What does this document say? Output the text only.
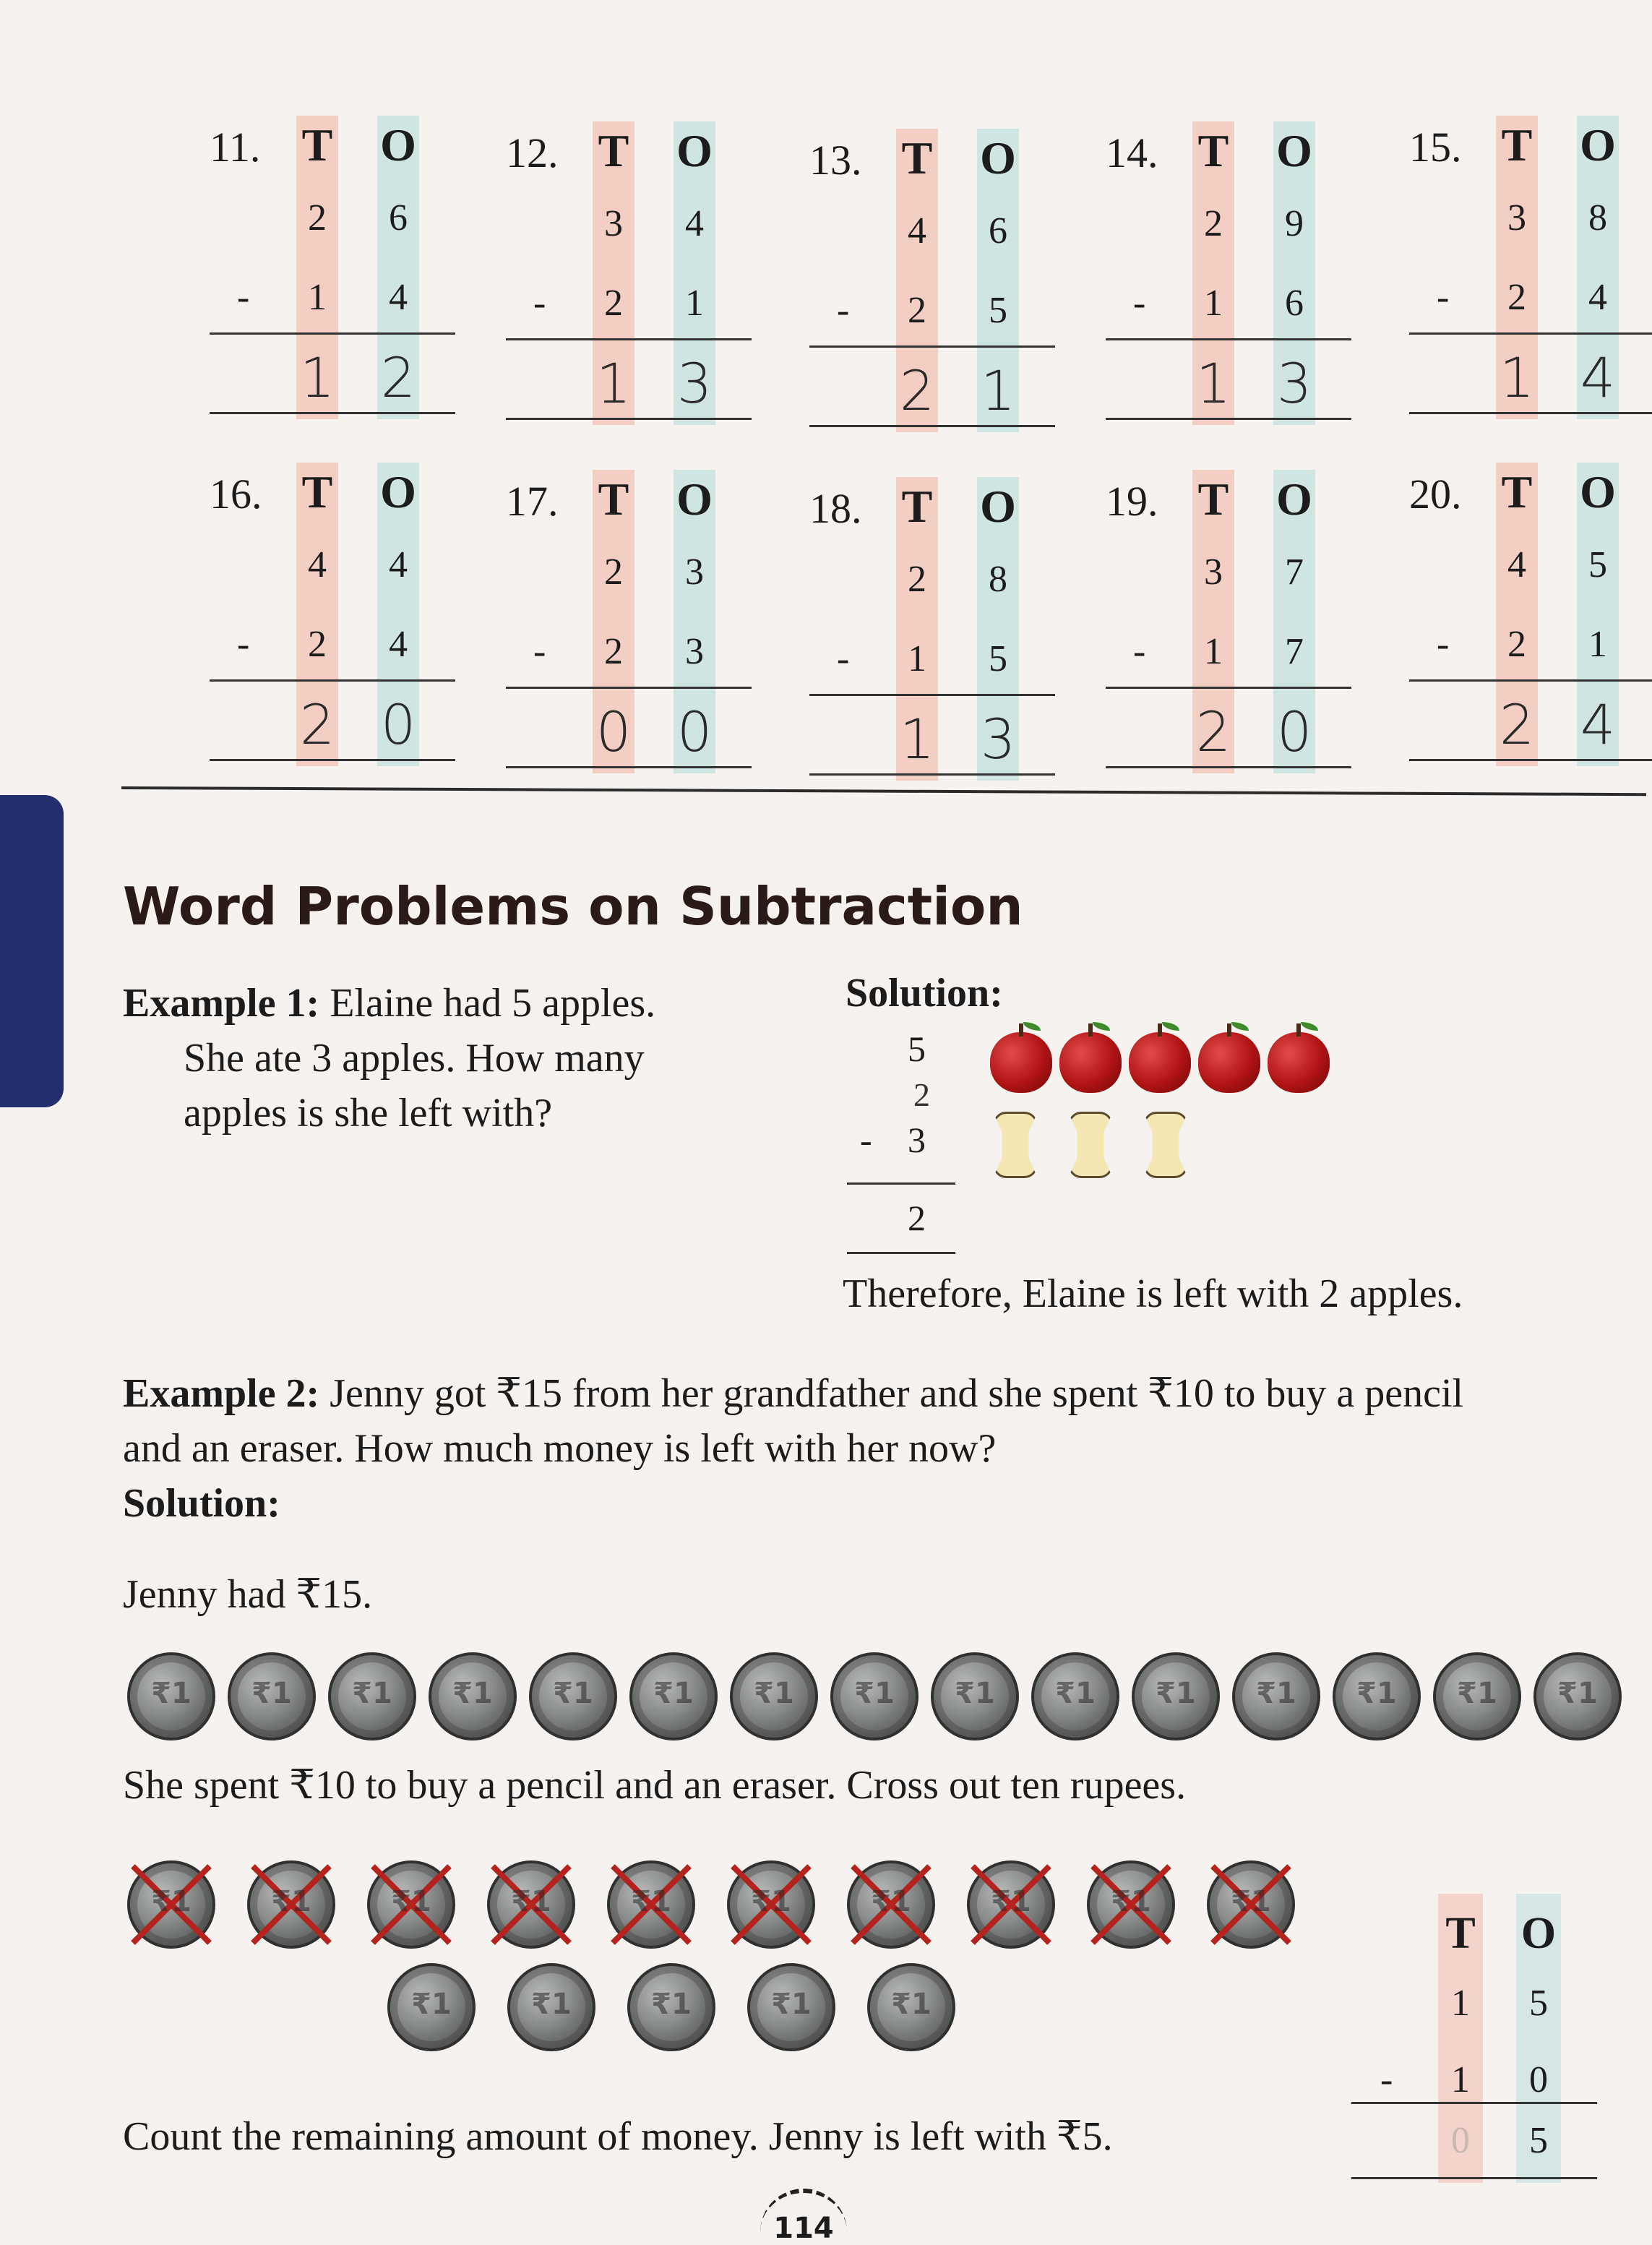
11. T O
2	6
-	1	4
1 2
12. T O
3	4
-	2	1
1 3
13. T O
4	6
-	2	5
2 1
14. T O
2	9
-	1	6
1 3
15. T O
3	8
-	2	4
1 4
16. T O
4	4
-	2	4
2 0
17. T O
2	3
-	2	3
0 0
18. T O
2	8
-	1	5
1 3
19. T O
3	7
-	1	7
2 0
20. T O
4	5
-	2	1
2 4
Word Problems on Subtraction
Example 1: Elaine had 5 apples.
She ate 3 apples. How many
apples is she left with?
Solution:
5
2
- 3
2
Therefore, Elaine is left with 2 apples.
Example 2: Jenny got ₹15 from her grandfather and she spent ₹10 to buy a pencil
and an eraser. How much money is left with her now?
Solution:
Jenny had ₹15.
₹1
₹1
₹1
₹1
₹1
₹1
₹1
₹1
₹1
₹1
₹1
₹1
₹1
₹1
₹1
She spent ₹10 to buy a pencil and an eraser. Cross out ten rupees.
₹1
₹1
₹1
₹1
₹1
₹1
₹1
₹1
₹1
₹1
₹1
₹1
₹1
₹1
₹1
T	O
1	5
-	1	0
0	5
Count the remaining amount of money. Jenny is left with ₹5.
114
